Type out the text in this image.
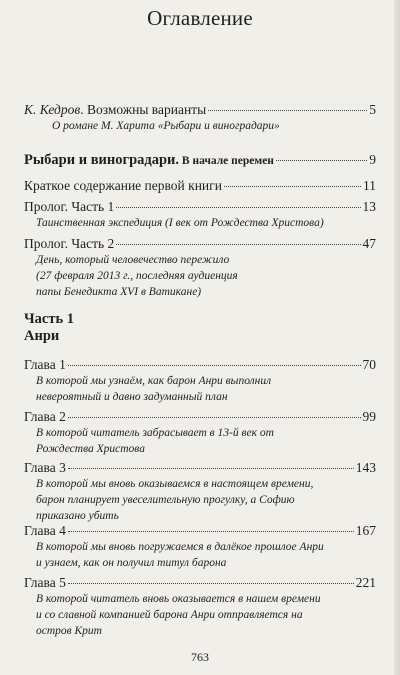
Оглавление
К. Кедров. Возможны варианты	5
О романе М. Харита «Рыбари и виноградари»
Рыбари и виноградари. В начале перемен	9
Краткое содержание первой книги	11
Пролог. Часть 1	13
Таинственная экспедиция (I век от Рождества Христова)
Пролог. Часть 2	47
День, который человечество пережило
(27 февраля 2013 г., последняя аудиенция
папы Бенедикта XVI в Ватикане)
Часть 1
Анри
Глава 1	70
В которой мы узнаём, как барон Анри выполнил
невероятный и давно задуманный план
Глава 2	99
В которой читатель забрасывает в 13-й век от
Рождества Христова
Глава 3	143
В которой мы вновь оказываемся в настоящем времени,
барон планирует увеселительную прогулку, а Софию
приказано убить
Глава 4	167
В которой мы вновь погружаемся в далёкое прошлое Анри
и узнаем, как он получил титул барона
Глава 5	221
В которой читатель вновь оказывается в нашем времени
и со славной компанией барона Анри отправляется на
остров Крит
763
